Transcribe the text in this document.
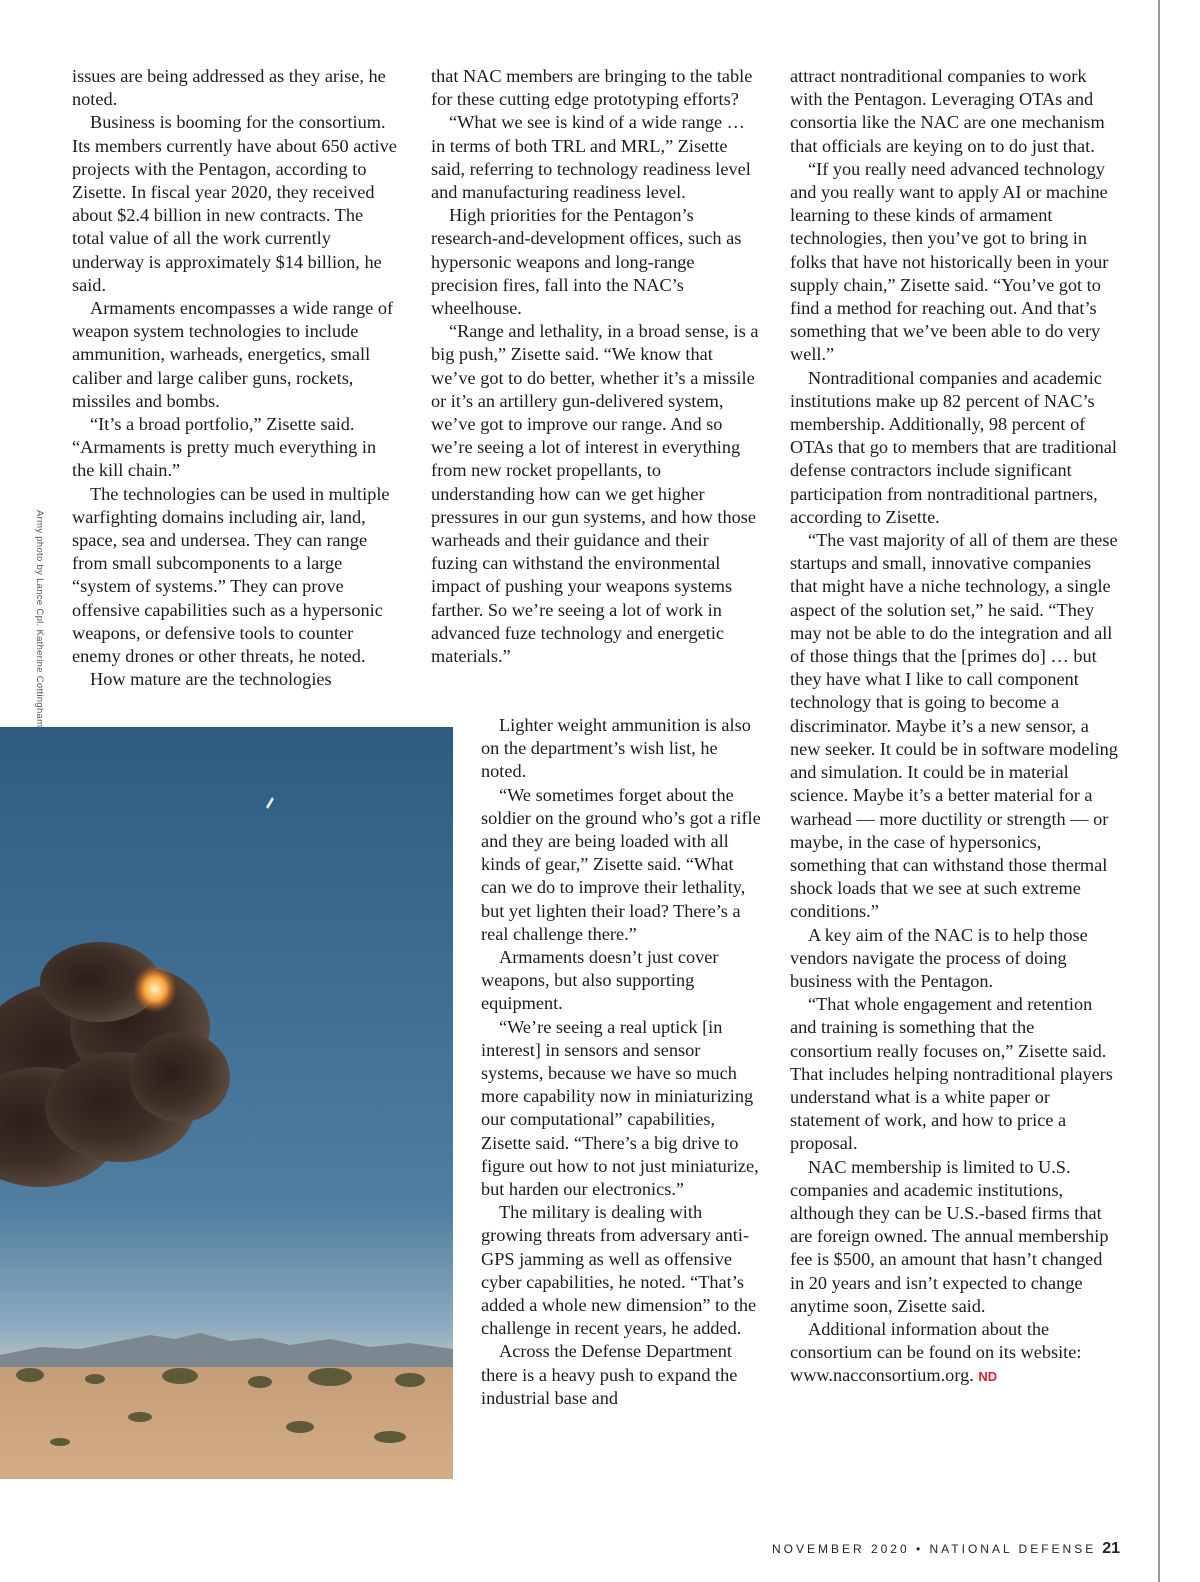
Army photo by Lance Cpl. Katherine Cottingham

issues are being addressed as they arise, he noted.

Business is booming for the consortium. Its members currently have about 650 active projects with the Pentagon, according to Zisette. In fiscal year 2020, they received about $2.4 billion in new contracts. The total value of all the work currently underway is approximately $14 billion, he said.

Armaments encompasses a wide range of weapon system technologies to include ammunition, warheads, energetics, small caliber and large caliber guns, rockets, missiles and bombs.

“It’s a broad portfolio,” Zisette said. “Armaments is pretty much everything in the kill chain.”

The technologies can be used in multiple warfighting domains including air, land, space, sea and undersea. They can range from small subcomponents to a large “system of systems.” They can prove offensive capabilities such as a hypersonic weapons, or defensive tools to counter enemy drones or other threats, he noted.

How mature are the technologies

that NAC members are bringing to the table for these cutting edge prototyping efforts?

“What we see is kind of a wide range … in terms of both TRL and MRL,” Zisette said, referring to technology readiness level and manufacturing readiness level.

High priorities for the Pentagon’s research-and-development offices, such as hypersonic weapons and long-range precision fires, fall into the NAC’s wheelhouse.

“Range and lethality, in a broad sense, is a big push,” Zisette said. “We know that we’ve got to do better, whether it’s a missile or it’s an artillery gun-delivered system, we’ve got to improve our range. And so we’re seeing a lot of interest in everything from new rocket propellants, to understanding how can we get higher pressures in our gun systems, and how those warheads and their guidance and their fuzing can withstand the environmental impact of pushing your weapons systems farther. So we’re seeing a lot of work in advanced fuze technology and energetic materials.”

Lighter weight ammunition is also on the department’s wish list, he noted.

“We sometimes forget about the soldier on the ground who’s got a rifle and they are being loaded with all kinds of gear,” Zisette said. “What can we do to improve their lethality, but yet lighten their load? There’s a real challenge there.”

Armaments doesn’t just cover weapons, but also supporting equipment.

“We’re seeing a real uptick [in interest] in sensors and sensor systems, because we have so much more capability now in miniaturizing our computational” capabilities, Zisette said. “There’s a big drive to figure out how to not just miniaturize, but harden our electronics.”

The military is dealing with growing threats from adversary anti-GPS jamming as well as offensive cyber capabilities, he noted. “That’s added a whole new dimension” to the challenge in recent years, he added.

Across the Defense Department there is a heavy push to expand the industrial base and

attract nontraditional companies to work with the Pentagon. Leveraging OTAs and consortia like the NAC are one mechanism that officials are keying on to do just that.

“If you really need advanced technology and you really want to apply AI or machine learning to these kinds of armament technologies, then you’ve got to bring in folks that have not historically been in your supply chain,” Zisette said. “You’ve got to find a method for reaching out. And that’s something that we’ve been able to do very well.”

Nontraditional companies and academic institutions make up 82 percent of NAC’s membership. Additionally, 98 percent of OTAs that go to members that are traditional defense contractors include significant participation from nontraditional partners, according to Zisette.

“The vast majority of all of them are these startups and small, innovative companies that might have a niche technology, a single aspect of the solution set,” he said. “They may not be able to do the integration and all of those things that the [primes do] … but they have what I like to call component technology that is going to become a discriminator. Maybe it’s a new sensor, a new seeker. It could be in software modeling and simulation. It could be in material science. Maybe it’s a better material for a warhead — more ductility or strength — or maybe, in the case of hypersonics, something that can withstand those thermal shock loads that we see at such extreme conditions.”

A key aim of the NAC is to help those vendors navigate the process of doing business with the Pentagon.

“That whole engagement and retention and training is something that the consortium really focuses on,” Zisette said. That includes helping nontraditional players understand what is a white paper or statement of work, and how to price a proposal.

NAC membership is limited to U.S. companies and academic institutions, although they can be U.S.-based firms that are foreign owned. The annual membership fee is $500, an amount that hasn’t changed in 20 years and isn’t expected to change anytime soon, Zisette said.

Additional information about the consortium can be found on its website: www.nacconsortium.org. ND

NOVEMBER 2020 • NATIONAL DEFENSE 21
